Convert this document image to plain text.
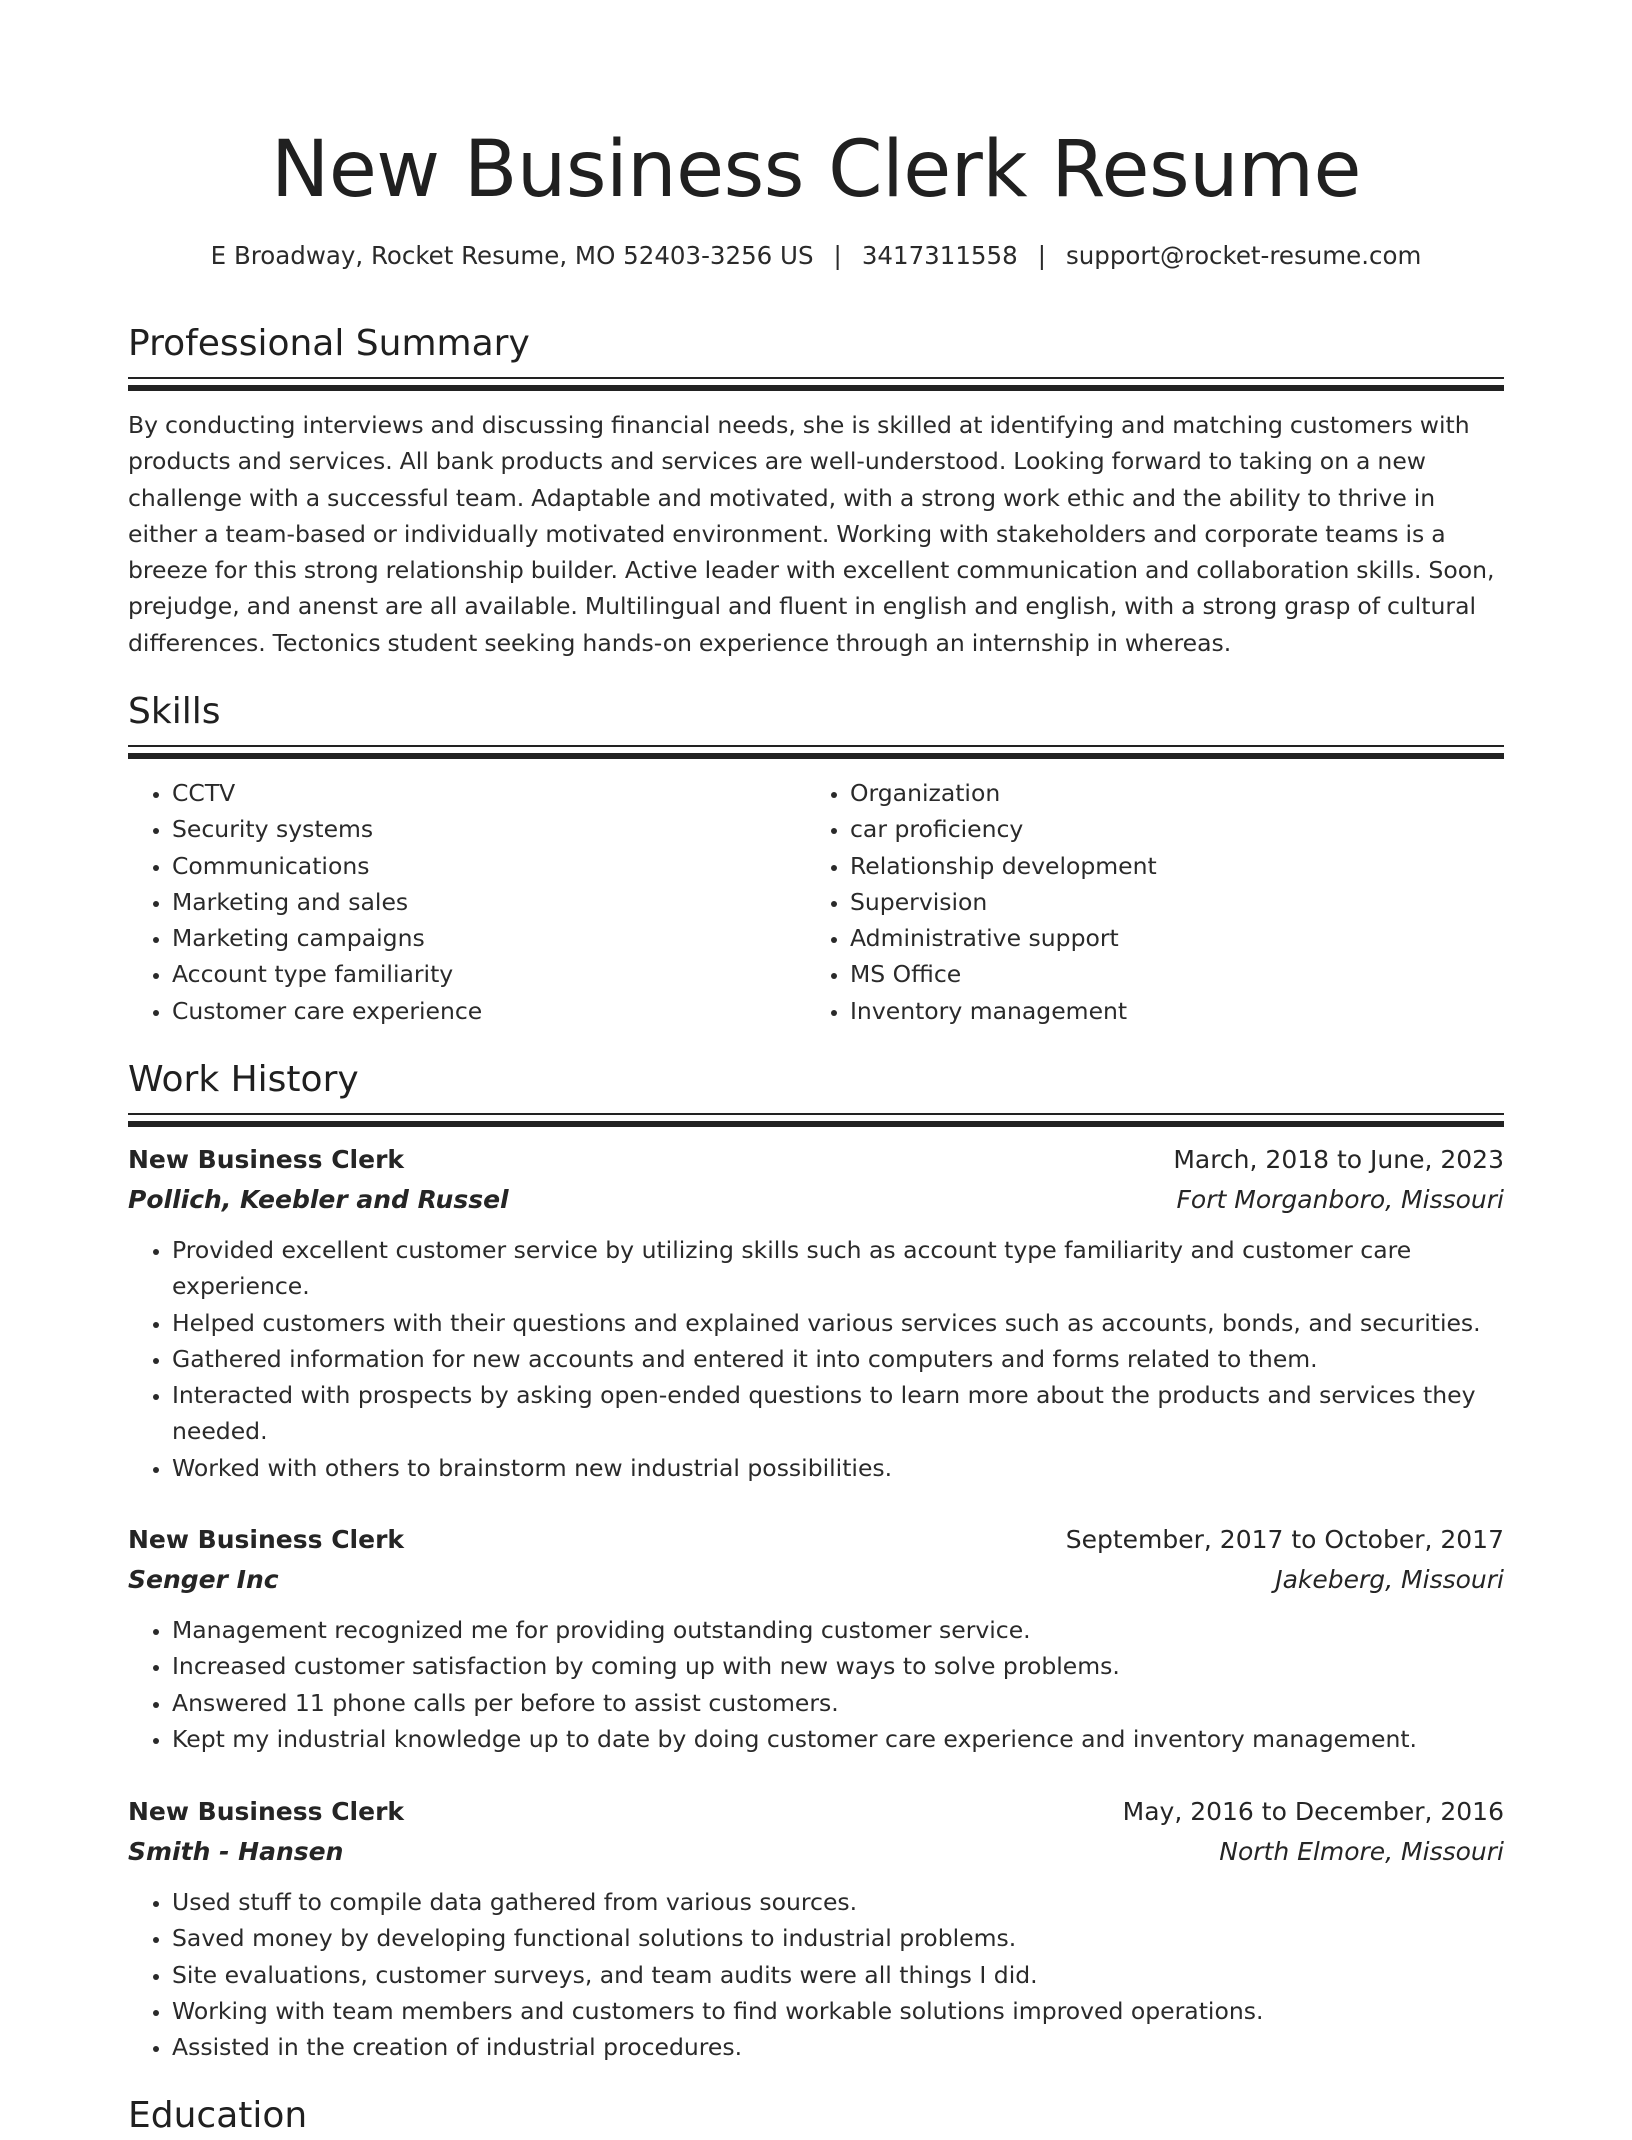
New Business Clerk Resume
E Broadway, Rocket Resume, MO 52403-3256 US | 3417311558 | support@rocket-resume.com
Professional Summary

By conducting interviews and discussing financial needs, she is skilled at identifying and matching customers with products and services. All bank products and services are well-understood. Looking forward to taking on a new challenge with a successful team. Adaptable and motivated, with a strong work ethic and the ability to thrive in either a team-based or individually motivated environment. Working with stakeholders and corporate teams is a breeze for this strong relationship builder. Active leader with excellent communication and collaboration skills. Soon, prejudge, and anenst are all available. Multilingual and fluent in english and english, with a strong grasp of cultural differences. Tectonics student seeking hands-on experience through an internship in whereas.

Skills
• CCTV
• Security systems
• Communications
• Marketing and sales
• Marketing campaigns
• Account type familiarity
• Customer care experience
• Organization
• car proficiency
• Relationship development
• Supervision
• Administrative support
• MS Office
• Inventory management
Work History
New Business Clerk	March, 2018 to June, 2023
Pollich, Keebler and Russel	Fort Morganboro, Missouri
• Provided excellent customer service by utilizing skills such as account type familiarity and customer care experience.
• Helped customers with their questions and explained various services such as accounts, bonds, and securities.
• Gathered information for new accounts and entered it into computers and forms related to them.
• Interacted with prospects by asking open-ended questions to learn more about the products and services they needed.
• Worked with others to brainstorm new industrial possibilities.
New Business Clerk	September, 2017 to October, 2017
Senger Inc	Jakeberg, Missouri
• Management recognized me for providing outstanding customer service.
• Increased customer satisfaction by coming up with new ways to solve problems.
• Answered 11 phone calls per before to assist customers.
• Kept my industrial knowledge up to date by doing customer care experience and inventory management.
New Business Clerk	May, 2016 to December, 2016
Smith - Hansen	North Elmore, Missouri
• Used stuff to compile data gathered from various sources.
• Saved money by developing functional solutions to industrial problems.
• Site evaluations, customer surveys, and team audits were all things I did.
• Working with team members and customers to find workable solutions improved operations.
• Assisted in the creation of industrial procedures.
Education
